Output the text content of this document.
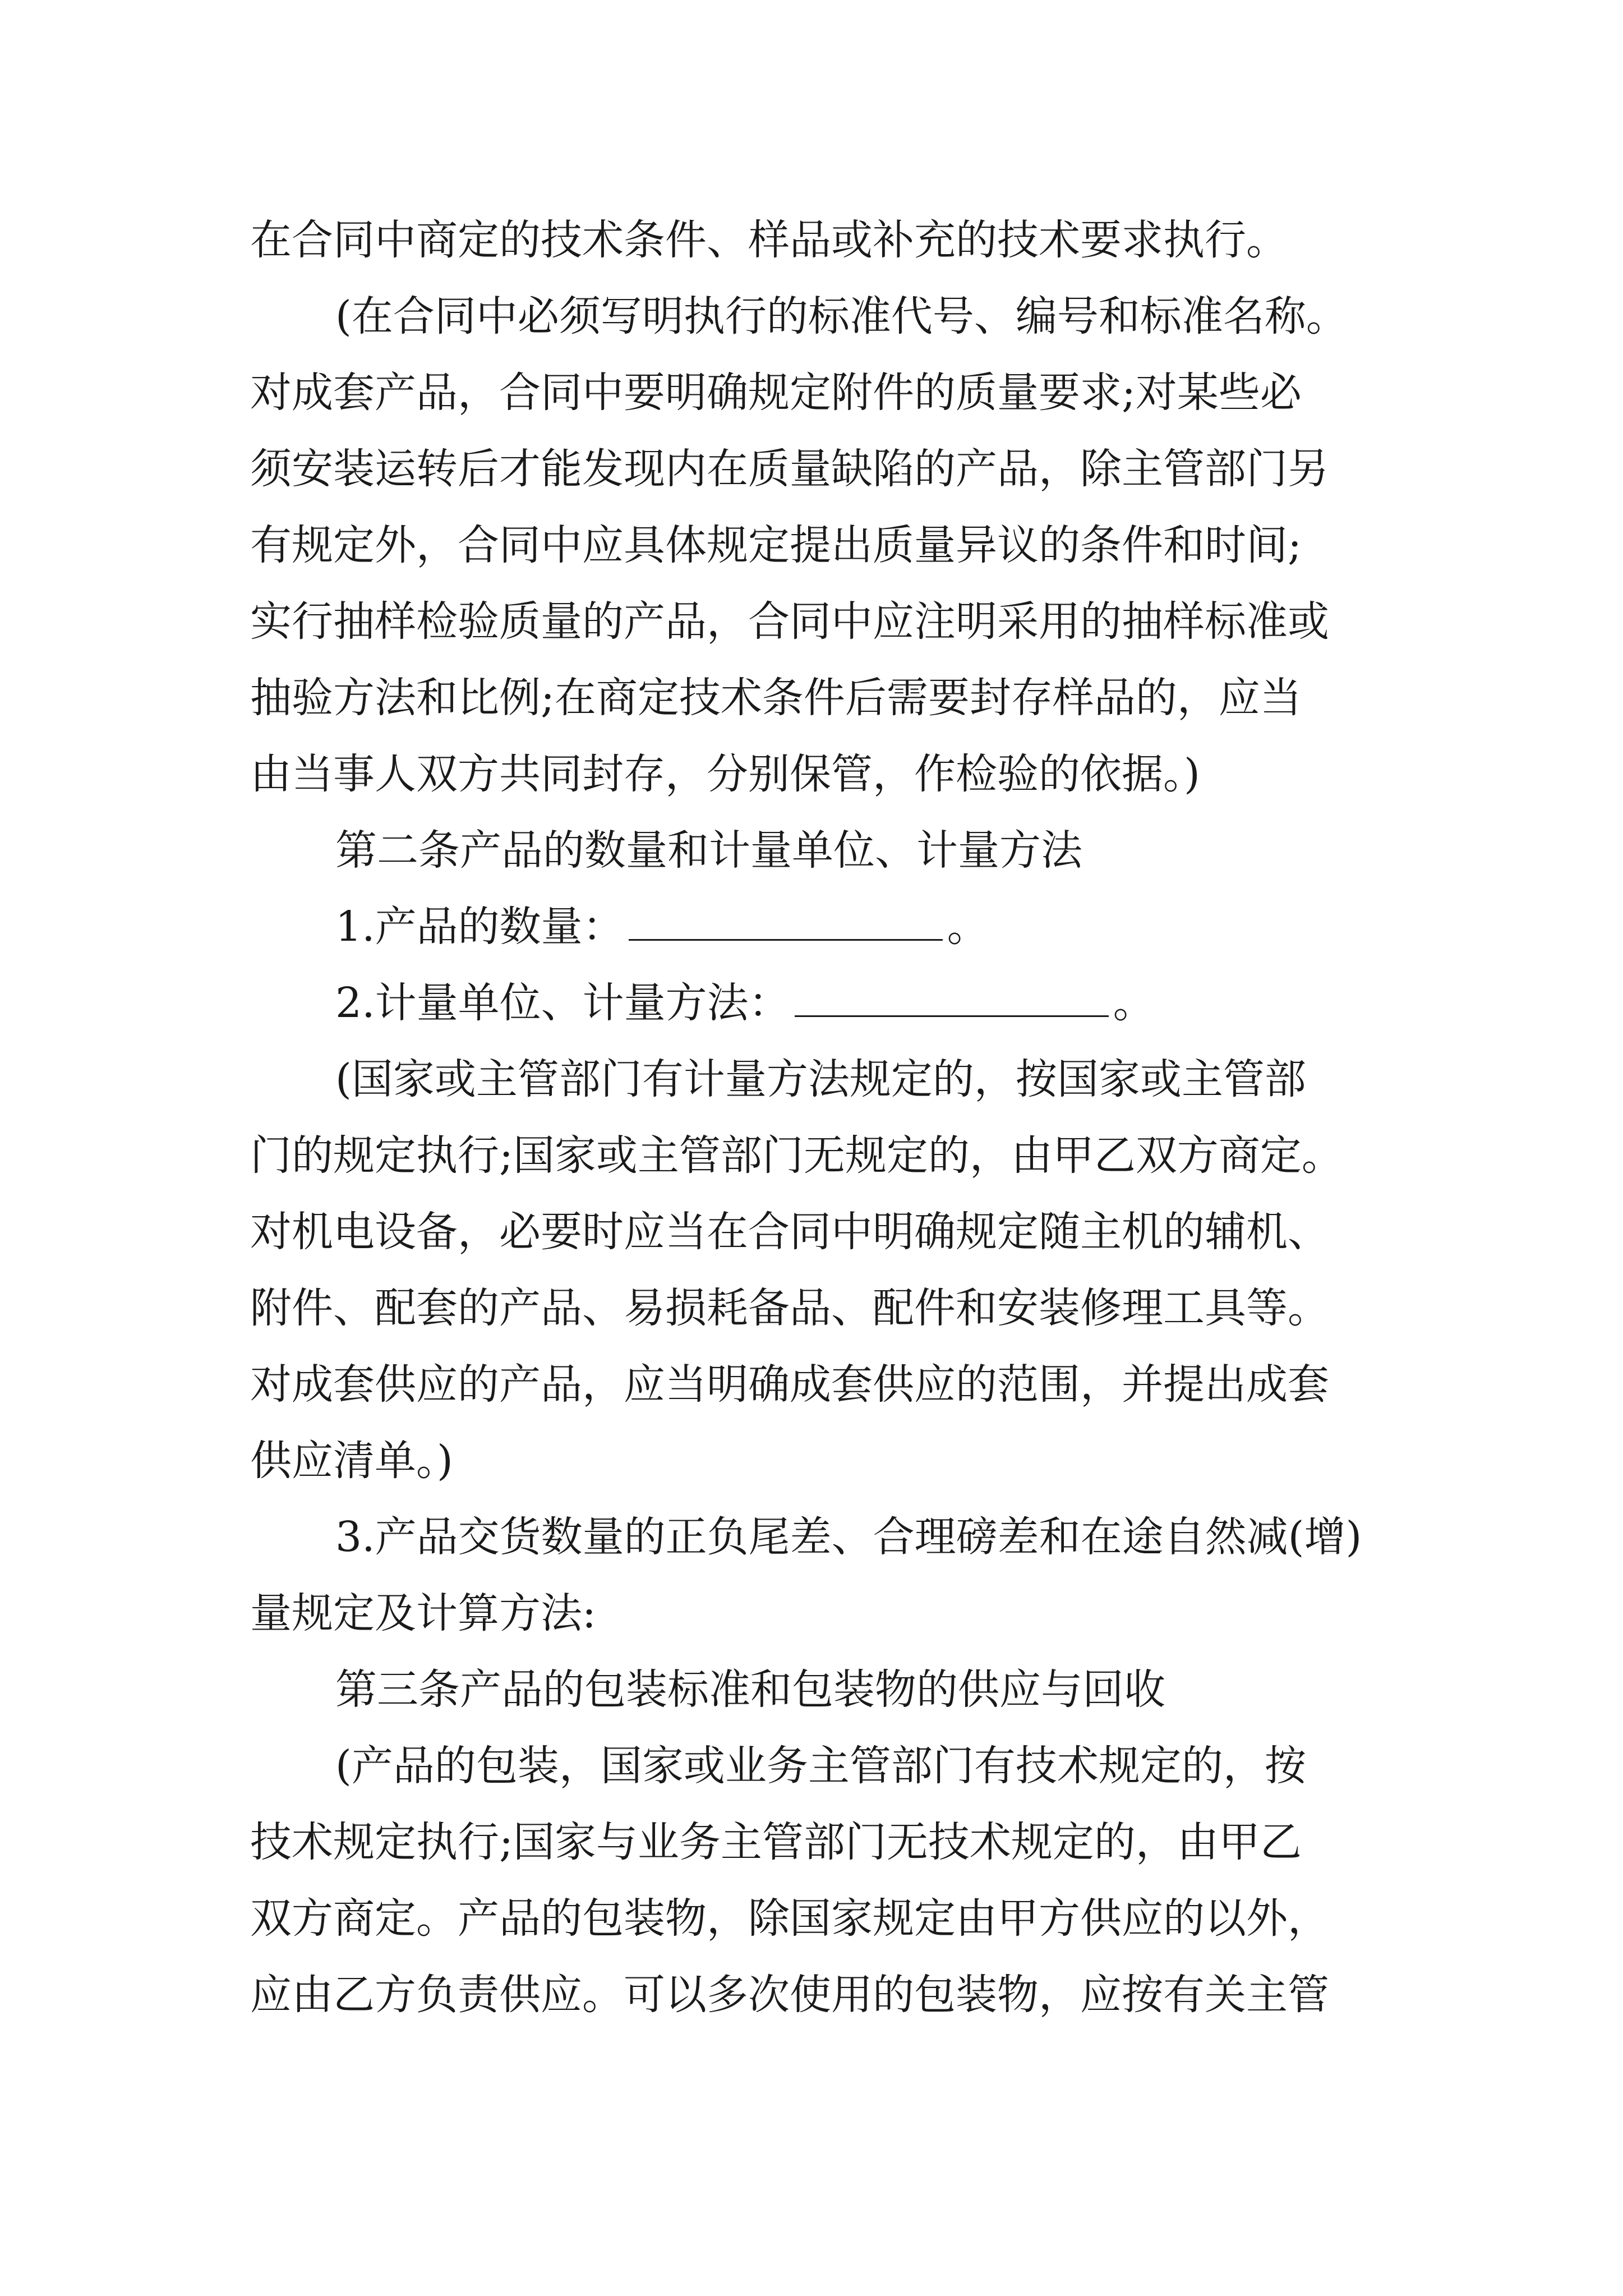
在合同中商定的技术条件、样品或补充的技术要求执行。
(在合同中必须写明执行的标准代号、编号和标准名称。
对成套产品，合同中要明确规定附件的质量要求;对某些必
须安装运转后才能发现内在质量缺陷的产品，除主管部门另
有规定外，合同中应具体规定提出质量异议的条件和时间;
实行抽样检验质量的产品，合同中应注明采用的抽样标准或
抽验方法和比例;在商定技术条件后需要封存样品的，应当
由当事人双方共同封存，分别保管，作检验的依据。)
第二条产品的数量和计量单位、计量方法
1.产品的数量：	。
2.计量单位、计量方法：	。
(国家或主管部门有计量方法规定的，按国家或主管部
门的规定执行;国家或主管部门无规定的，由甲乙双方商定。
对机电设备，必要时应当在合同中明确规定随主机的辅机、
附件、配套的产品、易损耗备品、配件和安装修理工具等。
对成套供应的产品，应当明确成套供应的范围，并提出成套
供应清单。)
3.产品交货数量的正负尾差、合理磅差和在途自然减(增)
量规定及计算方法:
第三条产品的包装标准和包装物的供应与回收
(产品的包装，国家或业务主管部门有技术规定的，按
技术规定执行;国家与业务主管部门无技术规定的，由甲乙
双方商定。产品的包装物，除国家规定由甲方供应的以外，
应由乙方负责供应。可以多次使用的包装物，应按有关主管
